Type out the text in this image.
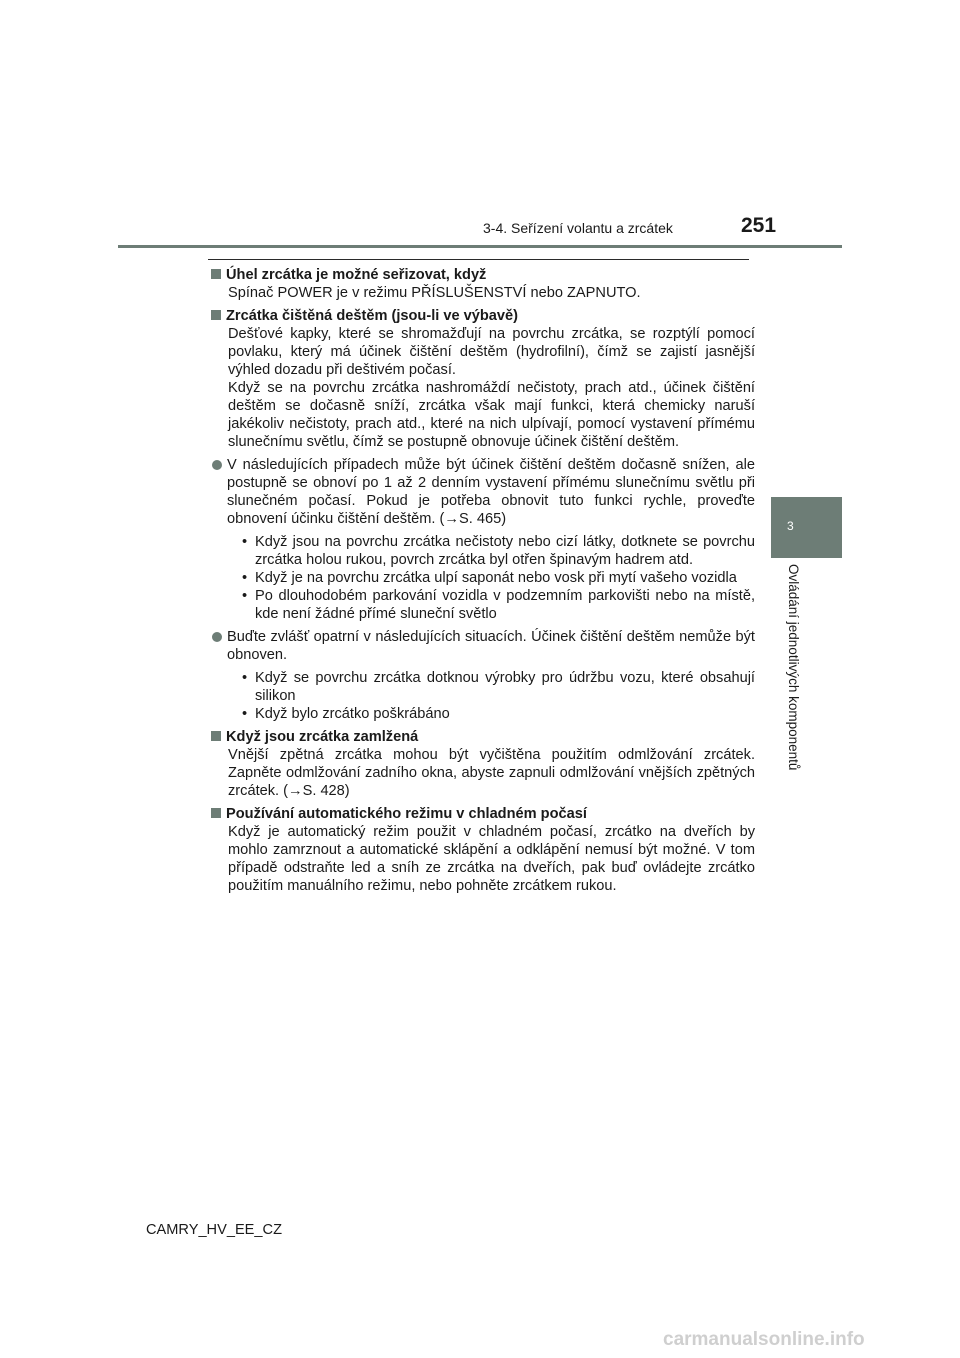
3-4. Seřízení volantu a zrcátek	251
3
Ovládání jednotlivých komponentů
Úhel zrcátka je možné seřizovat, když
Spínač POWER je v režimu PŘÍSLUŠENSTVÍ nebo ZAPNUTO.
Zrcátka čištěná deštěm (jsou-li ve výbavě)
Dešťové kapky, které se shromažďují na povrchu zrcátka, se rozptýlí pomocí povlaku, který má účinek čištění deštěm (hydrofilní), čímž se zajistí jasnější výhled dozadu při deštivém počasí.
Když se na povrchu zrcátka nashromáždí nečistoty, prach atd., účinek čištění deštěm se dočasně sníží, zrcátka však mají funkci, která chemicky naruší jakékoliv nečistoty, prach atd., které na nich ulpívají, pomocí vystavení přímému slunečnímu světlu, čímž se postupně obnovuje účinek čištění deštěm.
V následujících případech může být účinek čištění deštěm dočasně snížen, ale postupně se obnoví po 1 až 2 denním vystavení přímému slunečnímu světlu při slunečném počasí. Pokud je potřeba obnovit tuto funkci rychle, proveďte obnovení účinku čištění deštěm. (→S. 465)
• Když jsou na povrchu zrcátka nečistoty nebo cizí látky, dotknete se povrchu zrcátka holou rukou, povrch zrcátka byl otřen špinavým hadrem atd.
• Když je na povrchu zrcátka ulpí saponát nebo vosk při mytí vašeho vozidla
• Po dlouhodobém parkování vozidla v podzemním parkovišti nebo na místě, kde není žádné přímé sluneční světlo
Buďte zvlášť opatrní v následujících situacích. Účinek čištění deštěm nemůže být obnoven.
• Když se povrchu zrcátka dotknou výrobky pro údržbu vozu, které obsahují silikon
• Když bylo zrcátko poškrábáno
Když jsou zrcátka zamlžená
Vnější zpětná zrcátka mohou být vyčištěna použitím odmlžování zrcátek. Zapněte odmlžování zadního okna, abyste zapnuli odmlžování vnějších zpětných zrcátek. (→S. 428)
Používání automatického režimu v chladném počasí
Když je automatický režim použit v chladném počasí, zrcátko na dveřích by mohlo zamrznout a automatické sklápění a odklápění nemusí být možné. V tom případě odstraňte led a sníh ze zrcátka na dveřích, pak buď ovládejte zrcátko použitím manuálního režimu, nebo pohněte zrcátkem rukou.
CAMRY_HV_EE_CZ
carmanualsonline.info
